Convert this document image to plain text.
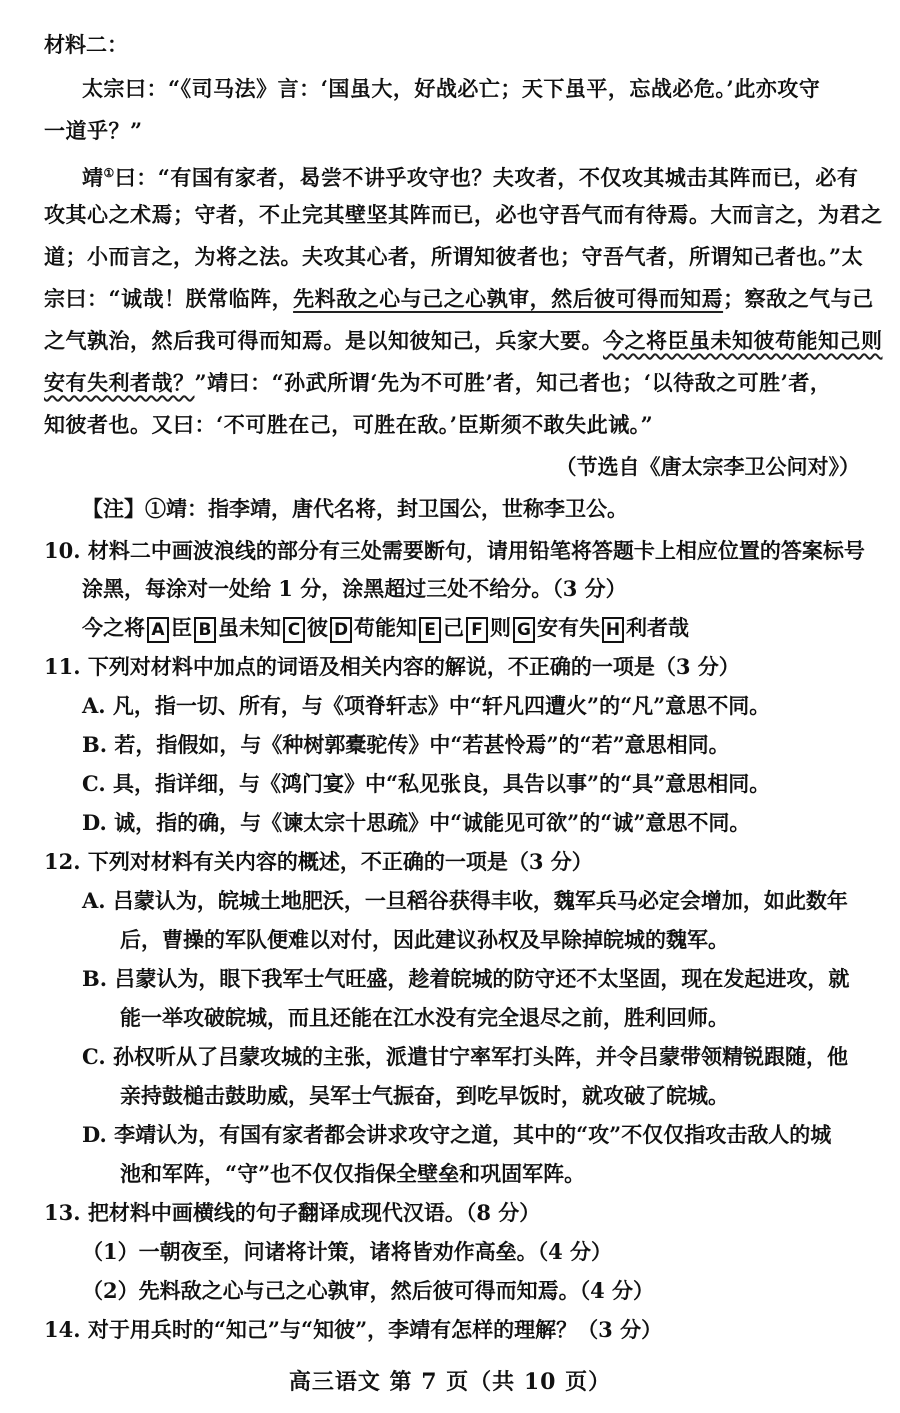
材料二：
太宗曰：“《司马法》言：‘国虽大，好战必亡；天下虽平，忘战必危。’此亦攻守
一道乎？”
靖①曰：“有国有家者，曷尝不讲乎攻守也？夫攻者，不仅攻其城击其阵而已，必有
攻其心之术焉；守者，不止完其壁坚其阵而已，必也守吾气而有待焉。大而言之，为君之
道；小而言之，为将之法。夫攻其心者，所谓知彼者也；守吾气者，所谓知己者也。”太
宗曰：“诚哉！朕常临阵，先料敌之心与己之心孰审，然后彼可得而知焉；察敌之气与己
之气孰治，然后我可得而知焉。是以知彼知己，兵家大要。今之将臣虽未知彼苟能知己则
安有失利者哉？”靖曰：“孙武所谓‘先为不可胜’者，知己者也；‘以待敌之可胜’者，
知彼者也。又曰：‘不可胜在己，可胜在敌。’臣斯须不敢失此诫。”
（节选自《唐太宗李卫公问对》）
【注】①靖：指李靖，唐代名将，封卫国公，世称李卫公。
10. 材料二中画波浪线的部分有三处需要断句，请用铅笔将答题卡上相应位置的答案标号
涂黑，每涂对一处给 1 分，涂黑超过三处不给分。（3 分）
今之将 A 臣 B 虽未知 C 彼 D 苟能知 E 己 F 则 G 安有失 H 利者哉
11. 下列对材料中加点的词语及相关内容的解说，不正确的一项是（3 分）
A. 凡，指一切、所有，与《项脊轩志》中“轩凡四遭火”的“凡”意思不同。
B. 若，指假如，与《种树郭橐驼传》中“若甚怜焉”的“若”意思相同。
C. 具，指详细，与《鸿门宴》中“私见张良，具告以事”的“具”意思相同。
D. 诚，指的确，与《谏太宗十思疏》中“诚能见可欲”的“诚”意思不同。
12. 下列对材料有关内容的概述，不正确的一项是（3 分）
A. 吕蒙认为，皖城土地肥沃，一旦稻谷获得丰收，魏军兵马必定会增加，如此数年
后，曹操的军队便难以对付，因此建议孙权及早除掉皖城的魏军。
B. 吕蒙认为，眼下我军士气旺盛，趁着皖城的防守还不太坚固，现在发起进攻，就
能一举攻破皖城，而且还能在江水没有完全退尽之前，胜利回师。
C. 孙权听从了吕蒙攻城的主张，派遣甘宁率军打头阵，并令吕蒙带领精锐跟随，他
亲持鼓槌击鼓助威，吴军士气振奋，到吃早饭时，就攻破了皖城。
D. 李靖认为，有国有家者都会讲求攻守之道，其中的“攻”不仅仅指攻击敌人的城
池和军阵，“守”也不仅仅指保全壁垒和巩固军阵。
13. 把材料中画横线的句子翻译成现代汉语。（8 分）
（1）一朝夜至，问诸将计策，诸将皆劝作高垒。（4 分）
（2）先料敌之心与己之心孰审，然后彼可得而知焉。（4 分）
14. 对于用兵时的“知己”与“知彼”，李靖有怎样的理解？（3 分）
高三语文 第 7 页（共 10 页）
